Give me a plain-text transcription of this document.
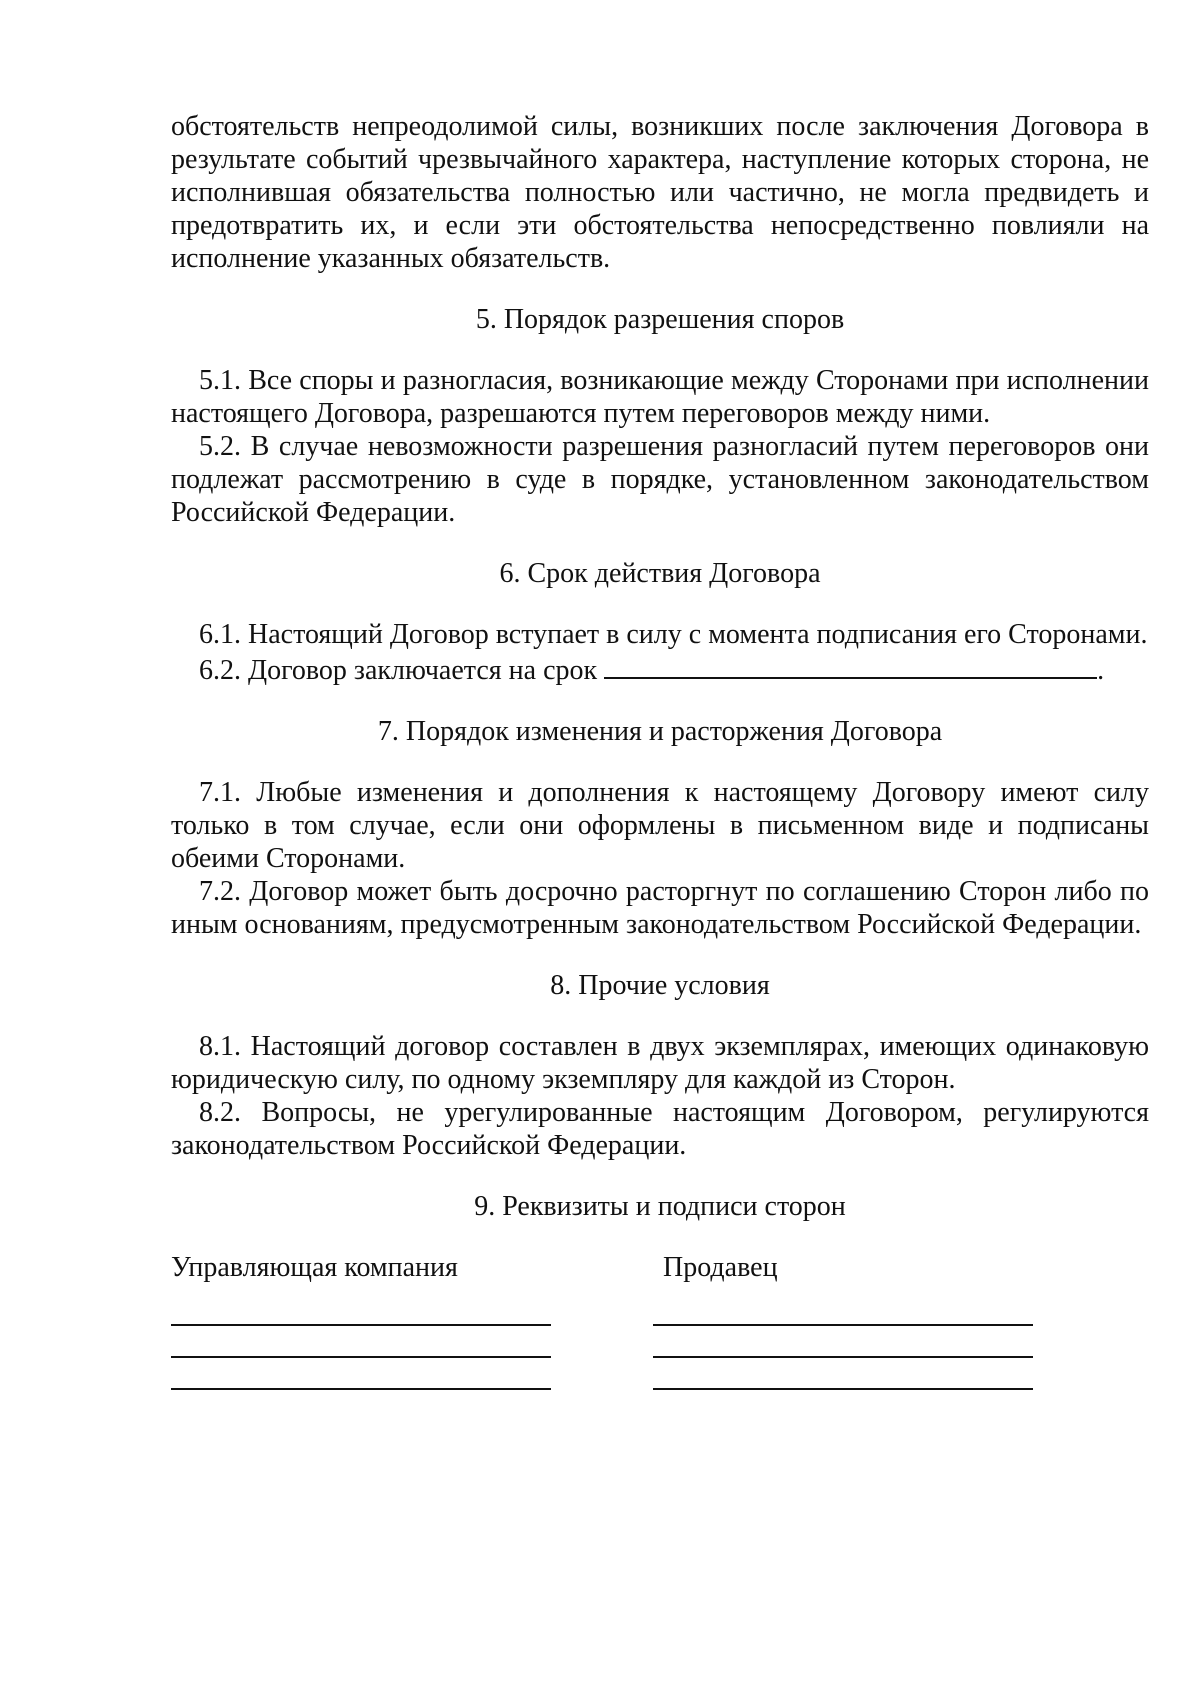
обстоятельств непреодолимой силы, возникших после заключения Договора в результате событий чрезвычайного характера, наступление которых сторона, не исполнившая обязательства полностью или частично, не могла предвидеть и предотвратить их, и если эти обстоятельства непосредственно повлияли на исполнение указанных обязательств.

5. Порядок разрешения споров

5.1. Все споры и разногласия, возникающие между Сторонами при исполнении настоящего Договора, разрешаются путем переговоров между ними.

5.2. В случае невозможности разрешения разногласий путем переговоров они подлежат рассмотрению в суде в порядке, установленном законодательством Российской Федерации.

6. Срок действия Договора

6.1. Настоящий Договор вступает в силу с момента подписания его Сторонами.

6.2. Договор заключается на срок	.

7. Порядок изменения и расторжения Договора

7.1. Любые изменения и дополнения к настоящему Договору имеют силу только в том случае, если они оформлены в письменном виде и подписаны обеими Сторонами.

7.2. Договор может быть досрочно расторгнут по соглашению Сторон либо по иным основаниям, предусмотренным законодательством Российской Федерации.

8. Прочие условия

8.1. Настоящий договор составлен в двух экземплярах, имеющих одинаковую юридическую силу, по одному экземпляру для каждой из Сторон.

8.2. Вопросы, не урегулированные настоящим Договором, регулируются законодательством Российской Федерации.

9. Реквизиты и подписи сторон
Управляющая компания	Продавец
